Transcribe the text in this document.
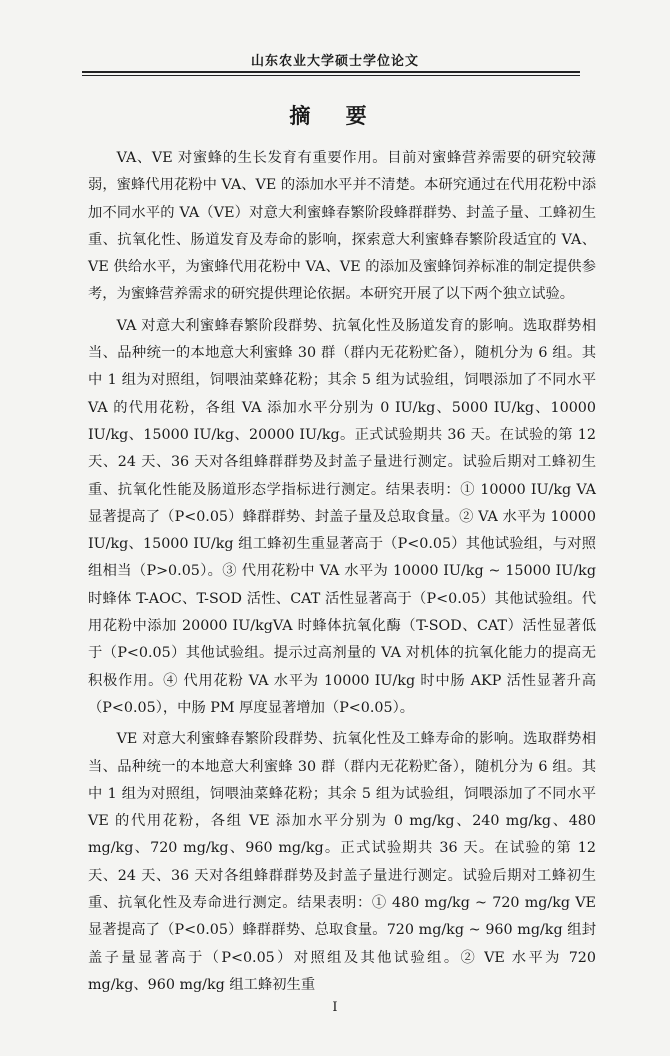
山东农业大学硕士学位论文
摘 要

VA、VE 对蜜蜂的生长发育有重要作用。目前对蜜蜂营养需要的研究较薄弱，蜜蜂代用花粉中 VA、VE 的添加水平并不清楚。本研究通过在代用花粉中添加不同水平的 VA（VE）对意大利蜜蜂春繁阶段蜂群群势、封盖子量、工蜂初生重、抗氧化性、肠道发育及寿命的影响，探索意大利蜜蜂春繁阶段适宜的 VA、VE 供给水平，为蜜蜂代用花粉中 VA、VE 的添加及蜜蜂饲养标准的制定提供参考，为蜜蜂营养需求的研究提供理论依据。本研究开展了以下两个独立试验。

VA 对意大利蜜蜂春繁阶段群势、抗氧化性及肠道发育的影响。选取群势相当、品种统一的本地意大利蜜蜂 30 群（群内无花粉贮备），随机分为 6 组。其中 1 组为对照组，饲喂油菜蜂花粉；其余 5 组为试验组，饲喂添加了不同水平 VA 的代用花粉，各组 VA 添加水平分别为 0 IU/kg、5000 IU/kg、10000 IU/kg、15000 IU/kg、20000 IU/kg。正式试验期共 36 天。在试验的第 12 天、24 天、36 天对各组蜂群群势及封盖子量进行测定。试验后期对工蜂初生重、抗氧化性能及肠道形态学指标进行测定。结果表明：① 10000 IU/kg VA 显著提高了（P<0.05）蜂群群势、封盖子量及总取食量。② VA 水平为 10000 IU/kg、15000 IU/kg 组工蜂初生重显著高于（P<0.05）其他试验组，与对照组相当（P>0.05）。③ 代用花粉中 VA 水平为 10000 IU/kg ~ 15000 IU/kg 时蜂体 T-AOC、T-SOD 活性、CAT 活性显著高于（P<0.05）其他试验组。代用花粉中添加 20000 IU/kgVA 时蜂体抗氧化酶（T-SOD、CAT）活性显著低于（P<0.05）其他试验组。提示过高剂量的 VA 对机体的抗氧化能力的提高无积极作用。④ 代用花粉 VA 水平为 10000 IU/kg 时中肠 AKP 活性显著升高（P<0.05），中肠 PM 厚度显著增加（P<0.05）。

VE 对意大利蜜蜂春繁阶段群势、抗氧化性及工蜂寿命的影响。选取群势相当、品种统一的本地意大利蜜蜂 30 群（群内无花粉贮备），随机分为 6 组。其中 1 组为对照组，饲喂油菜蜂花粉；其余 5 组为试验组，饲喂添加了不同水平 VE 的代用花粉，各组 VE 添加水平分别为 0 mg/kg、240 mg/kg、480 mg/kg、720 mg/kg、960 mg/kg。正式试验期共 36 天。在试验的第 12 天、24 天、36 天对各组蜂群群势及封盖子量进行测定。试验后期对工蜂初生重、抗氧化性及寿命进行测定。结果表明：① 480 mg/kg ~ 720 mg/kg VE 显著提高了（P<0.05）蜂群群势、总取食量。720 mg/kg ~ 960 mg/kg 组封盖子量显著高于（P<0.05）对照组及其他试验组。② VE 水平为 720 mg/kg、960 mg/kg 组工蜂初生重

I
